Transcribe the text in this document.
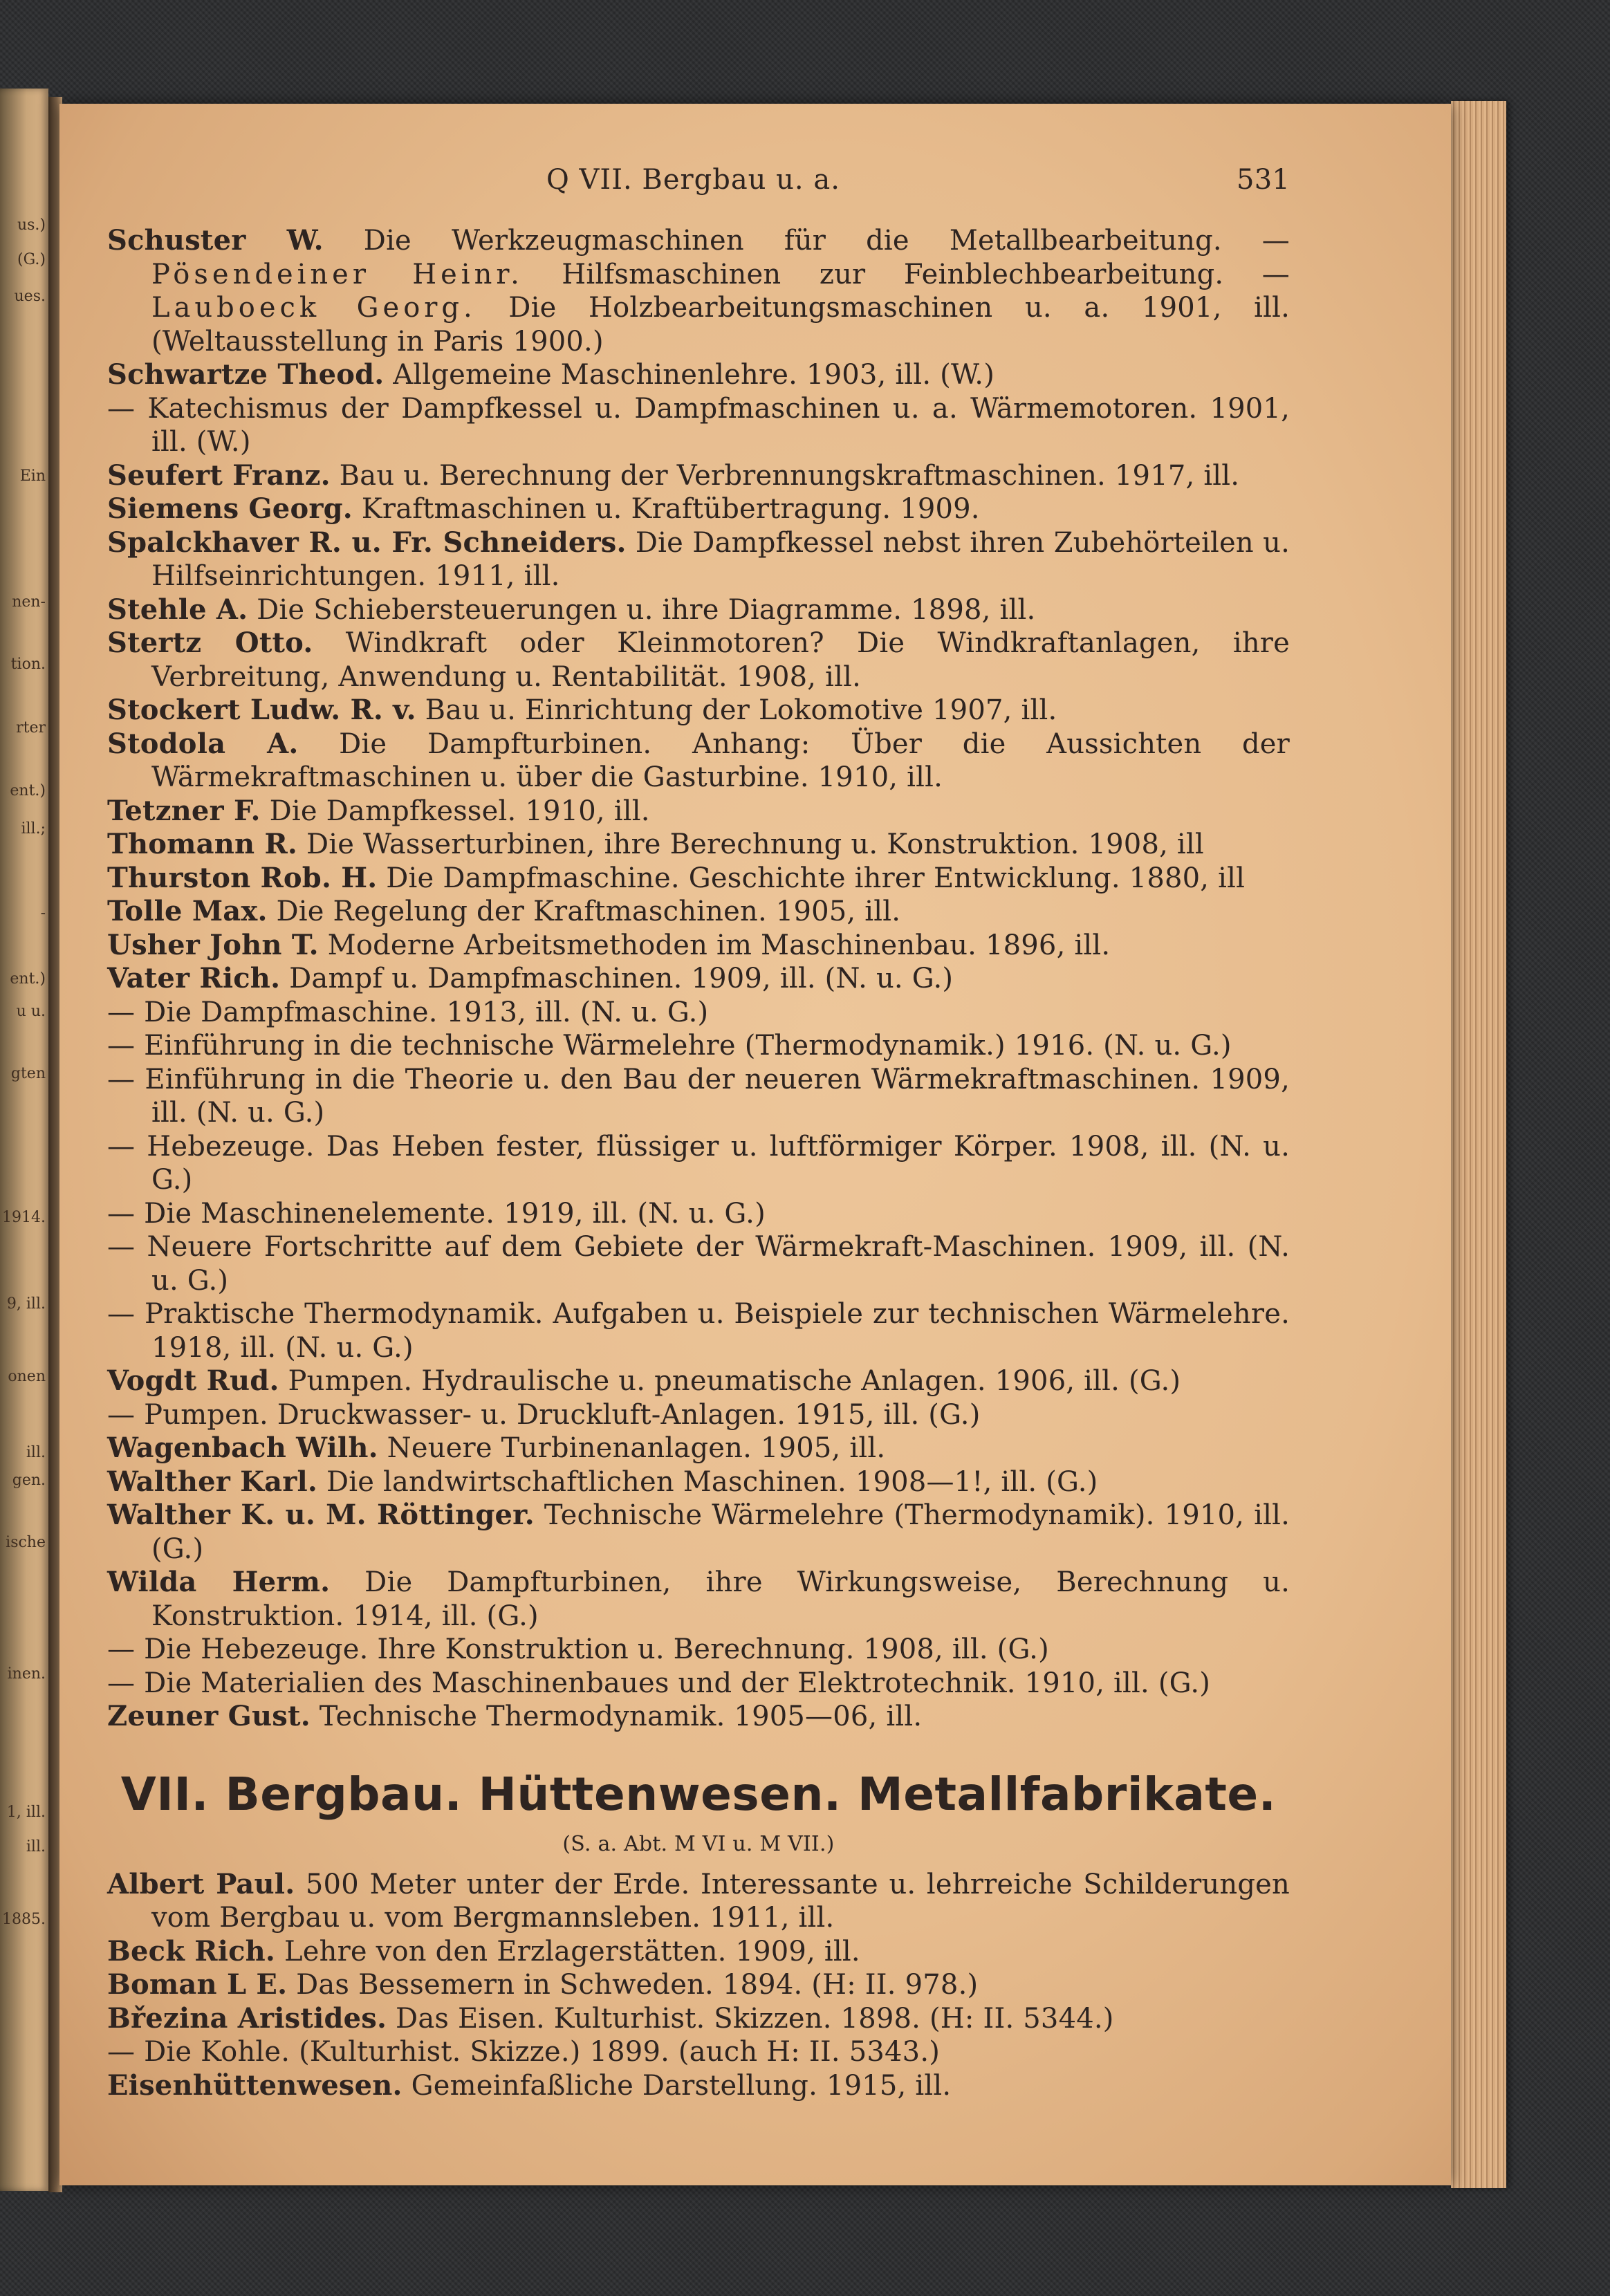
us.)
(G.)
ues.
Ein
nen-
tion.
rter
ent.)
ill.;
-
ent.)
u u.
gten
1914.
9, ill.
onen
ill.
gen.
ische
inen.
1, ill.
ill.
1885.
Q VII. Bergbau u. a.	531
Schuster W. Die Werkzeugmaschinen für die Metallbearbeitung. — Pösendeiner Heinr. Hilfsmaschinen zur Feinblechbearbeitung. — Lauboeck Georg. Die Holzbearbeitungsmaschinen u. a. 1901, ill. (Weltausstellung in Paris 1900.)
Schwartze Theod. Allgemeine Maschinenlehre. 1903, ill. (W.)
— Katechismus der Dampfkessel u. Dampfmaschinen u. a. Wärmemotoren. 1901, ill. (W.)
Seufert Franz. Bau u. Berechnung der Verbrennungskraftmaschinen. 1917, ill.
Siemens Georg. Kraftmaschinen u. Kraftübertragung. 1909.
Spalckhaver R. u. Fr. Schneiders. Die Dampfkessel nebst ihren Zubehörteilen u. Hilfseinrichtungen. 1911, ill.
Stehle A. Die Schiebersteuerungen u. ihre Diagramme. 1898, ill.
Stertz Otto. Windkraft oder Kleinmotoren? Die Windkraftanlagen, ihre Verbreitung, Anwendung u. Rentabilität. 1908, ill.
Stockert Ludw. R. v. Bau u. Einrichtung der Lokomotive 1907, ill.
Stodola A. Die Dampfturbinen. Anhang: Über die Aussichten der Wärmekraftmaschinen u. über die Gasturbine. 1910, ill.
Tetzner F. Die Dampfkessel. 1910, ill.
Thomann R. Die Wasserturbinen, ihre Berechnung u. Konstruktion. 1908, ill
Thurston Rob. H. Die Dampfmaschine. Geschichte ihrer Entwicklung. 1880, ill
Tolle Max. Die Regelung der Kraftmaschinen. 1905, ill.
Usher John T. Moderne Arbeitsmethoden im Maschinenbau. 1896, ill.
Vater Rich. Dampf u. Dampfmaschinen. 1909, ill. (N. u. G.)
— Die Dampfmaschine. 1913, ill. (N. u. G.)
— Einführung in die technische Wärmelehre (Thermodynamik.) 1916. (N. u. G.)
— Einführung in die Theorie u. den Bau der neueren Wärmekraftmaschinen. 1909, ill. (N. u. G.)
— Hebezeuge. Das Heben fester, flüssiger u. luftförmiger Körper. 1908, ill. (N. u. G.)
— Die Maschinenelemente. 1919, ill. (N. u. G.)
— Neuere Fortschritte auf dem Gebiete der Wärmekraft-Maschinen. 1909, ill. (N. u. G.)
— Praktische Thermodynamik. Aufgaben u. Beispiele zur technischen Wärmelehre. 1918, ill. (N. u. G.)
Vogdt Rud. Pumpen. Hydraulische u. pneumatische Anlagen. 1906, ill. (G.)
— Pumpen. Druckwasser- u. Druckluft-Anlagen. 1915, ill. (G.)
Wagenbach Wilh. Neuere Turbinenanlagen. 1905, ill.
Walther Karl. Die landwirtschaftlichen Maschinen. 1908—1!, ill. (G.)
Walther K. u. M. Röttinger. Technische Wärmelehre (Thermodynamik). 1910, ill. (G.)
Wilda Herm. Die Dampfturbinen, ihre Wirkungsweise, Berechnung u. Konstruktion. 1914, ill. (G.)
— Die Hebezeuge. Ihre Konstruktion u. Berechnung. 1908, ill. (G.)
— Die Materialien des Maschinenbaues und der Elektrotechnik. 1910, ill. (G.)
Zeuner Gust. Technische Thermodynamik. 1905—06, ill.
VII. Bergbau. Hüttenwesen. Metallfabrikate.
(S. a. Abt. M VI u. M VII.)
Albert Paul. 500 Meter unter der Erde. Interessante u. lehrreiche Schilderungen vom Bergbau u. vom Bergmannsleben. 1911, ill.
Beck Rich. Lehre von den Erzlagerstätten. 1909, ill.
Boman L E. Das Bessemern in Schweden. 1894. (H: II. 978.)
Březina Aristides. Das Eisen. Kulturhist. Skizzen. 1898. (H: II. 5344.)
— Die Kohle. (Kulturhist. Skizze.) 1899. (auch H: II. 5343.)
Eisenhüttenwesen. Gemeinfaßliche Darstellung. 1915, ill.
